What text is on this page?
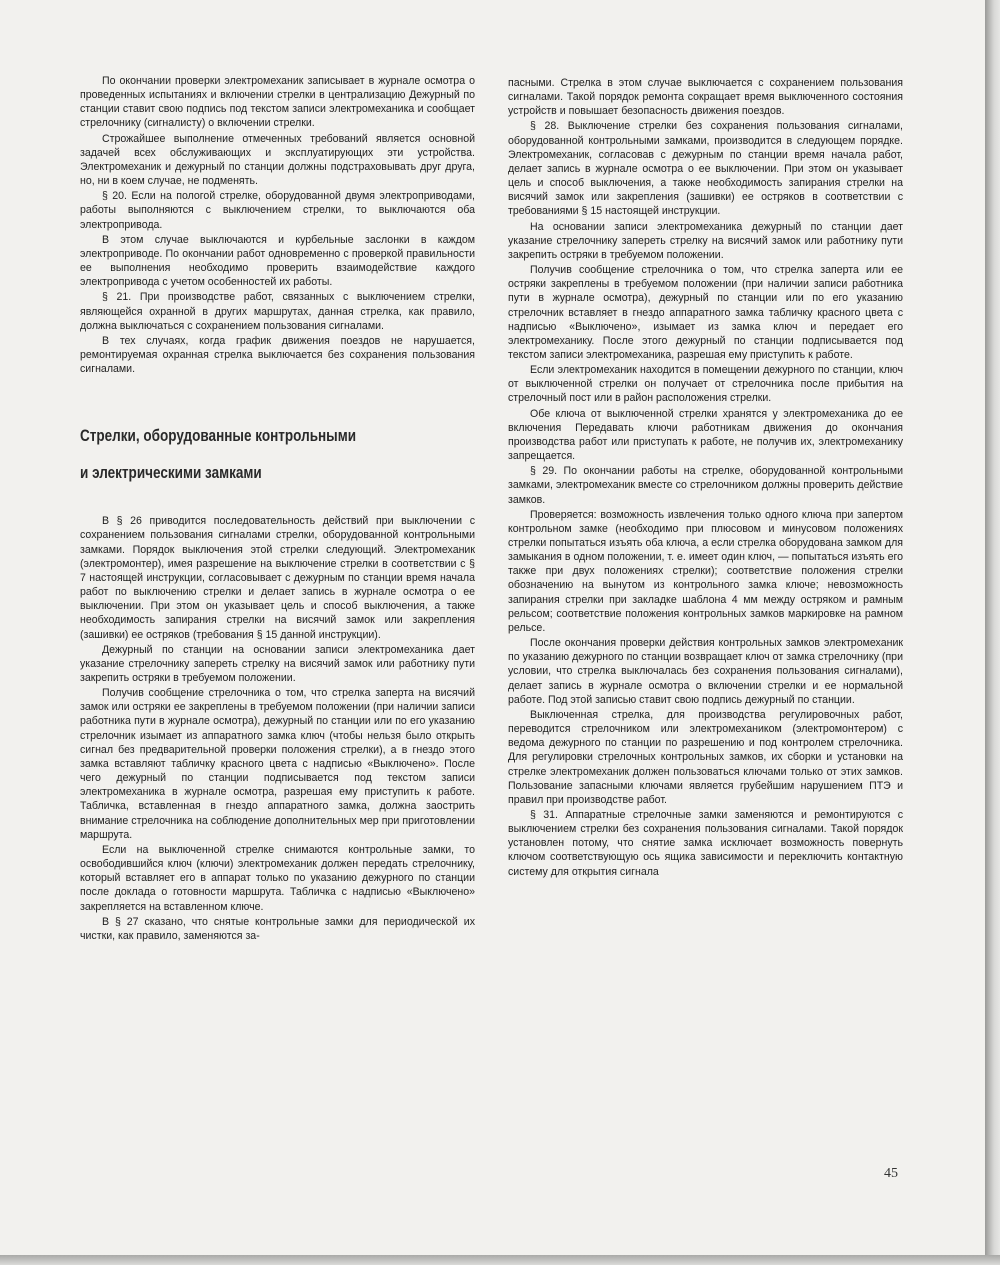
По окончании проверки электромеханик записывает в журнале осмотра о проведенных испытаниях и включении стрелки в централизацию Дежурный по станции ставит свою подпись под текстом записи электромеханика и сообщает стрелочнику (сигналисту) о включении стрелки.

Строжайшее выполнение отмеченных требований является основной задачей всех обслуживающих и эксплуатирующих эти устройства. Электромеханик и дежурный по станции должны подстраховывать друг друга, но, ни в коем случае, не подменять.

§ 20. Если на пологой стрелке, оборудованной двумя электроприводами, работы выполняются с выключением стрелки, то выключаются оба электропривода.

В этом случае выключаются и курбельные заслонки в каждом электроприводе. По окончании работ одновременно с проверкой правильности ее выполнения необходимо проверить взаимодействие каждого электропривода с учетом особенностей их работы.

§ 21. При производстве работ, связанных с выключением стрелки, являющейся охранной в других маршрутах, данная стрелка, как правило, должна выключаться с сохранением пользования сигналами.

В тех случаях, когда график движения поездов не нарушается, ремонтируемая охранная стрелка выключается без сохранения пользования сигналами.

Стрелки, оборудованные контрольными
и электрическими замками

В § 26 приводится последовательность действий при выключении с сохранением пользования сигналами стрелки, оборудованной контрольными замками. Порядок выключения этой стрелки следующий. Электромеханик (электромонтер), имея разрешение на выключение стрелки в соответствии с § 7 настоящей инструкции, согласовывает с дежурным по станции время начала работ по выключению стрелки и делает запись в журнале осмотра о ее выключении. При этом он указывает цель и способ выключения, а также необходимость запирания стрелки на висячий замок или закрепления (зашивки) ее остряков (требования § 15 данной инструкции).

Дежурный по станции на основании записи электромеханика дает указание стрелочнику запереть стрелку на висячий замок или работнику пути закрепить остряки в требуемом положении.

Получив сообщение стрелочника о том, что стрелка заперта на висячий замок или остряки ее закреплены в требуемом положении (при наличии записи работника пути в журнале осмотра), дежурный по станции или по его указанию стрелочник изымает из аппаратного замка ключ (чтобы нельзя было открыть сигнал без предварительной проверки положения стрелки), а в гнездо этого замка вставляют табличку красного цвета с надписью «Выключено». После чего дежурный по станции подписывается под текстом записи электромеханика в журнале осмотра, разрешая ему приступить к работе. Табличка, вставленная в гнездо аппаратного замка, должна заострить внимание стрелочника на соблюдение дополнительных мер при приготовлении маршрута.

Если на выключенной стрелке снимаются контрольные замки, то освободившийся ключ (ключи) электромеханик должен передать стрелочнику, который вставляет его в аппарат только по указанию дежурного по станции после доклада о готовности маршрута. Табличка с надписью «Выключено» закрепляется на вставленном ключе.

В § 27 сказано, что снятые контрольные замки для периодической их чистки, как правило, заменяются за-

пасными. Стрелка в этом случае выключается с сохранением пользования сигналами. Такой порядок ремонта сокращает время выключенного состояния устройств и повышает безопасность движения поездов.

§ 28. Выключение стрелки без сохранения пользования сигналами, оборудованной контрольными замками, производится в следующем порядке. Электромеханик, согласовав с дежурным по станции время начала работ, делает запись в журнале осмотра о ее выключении. При этом он указывает цель и способ выключения, а также необходимость запирания стрелки на висячий замок или закрепления (зашивки) ее остряков в соответствии с требованиями § 15 настоящей инструкции.

На основании записи электромеханика дежурный по станции дает указание стрелочнику запереть стрелку на висячий замок или работнику пути закрепить остряки в требуемом положении.

Получив сообщение стрелочника о том, что стрелка заперта или ее остряки закреплены в требуемом положении (при наличии записи работника пути в журнале осмотра), дежурный по станции или по его указанию стрелочник вставляет в гнездо аппаратного замка табличку красного цвета с надписью «Выключено», изымает из замка ключ и передает его электромеханику. После этого дежурный по станции подписывается под текстом записи электромеханика, разрешая ему приступить к работе.

Если электромеханик находится в помещении дежурного по станции, ключ от выключенной стрелки он получает от стрелочника после прибытия на стрелочный пост или в район расположения стрелки.

Обе ключа от выключенной стрелки хранятся у электромеханика до ее включения Передавать ключи работникам движения до окончания производства работ или приступать к работе, не получив их, электромеханику запрещается.

§ 29. По окончании работы на стрелке, оборудованной контрольными замками, электромеханик вместе со стрелочником должны проверить действие замков.

Проверяется: возможность извлечения только одного ключа при запертом контрольном замке (необходимо при плюсовом и минусовом положениях стрелки попытаться изъять оба ключа, а если стрелка оборудована замком для замыкания в одном положении, т. е. имеет один ключ, — попытаться изъять его также при двух положениях стрелки); соответствие положения стрелки обозначению на вынутом из контрольного замка ключе; невозможность запирания стрелки при закладке шаблона 4 мм между остряком и рамным рельсом; соответствие положения контрольных замков маркировке на рамном рельсе.

После окончания проверки действия контрольных замков электромеханик по указанию дежурного по станции возвращает ключ от замка стрелочнику (при условии, что стрелка выключалась без сохранения пользования сигналами), делает запись в журнале осмотра о включении стрелки и ее нормальной работе. Под этой записью ставит свою подпись дежурный по станции.

Выключенная стрелка, для производства регулировочных работ, переводится стрелочником или электромехаником (электромонтером) с ведома дежурного по станции по разрешению и под контролем стрелочника. Для регулировки стрелочных контрольных замков, их сборки и установки на стрелке электромеханик должен пользоваться ключами только от этих замков. Пользование запасными ключами является грубейшим нарушением ПТЭ и правил при производстве работ.

§ 31. Аппаратные стрелочные замки заменяются и ремонтируются с выключением стрелки без сохранения пользования сигналами. Такой порядок установлен потому, что снятие замка исключает возможность повернуть ключом соответствующую ось ящика зависимости и переключить контактную систему для открытия сигнала

45
